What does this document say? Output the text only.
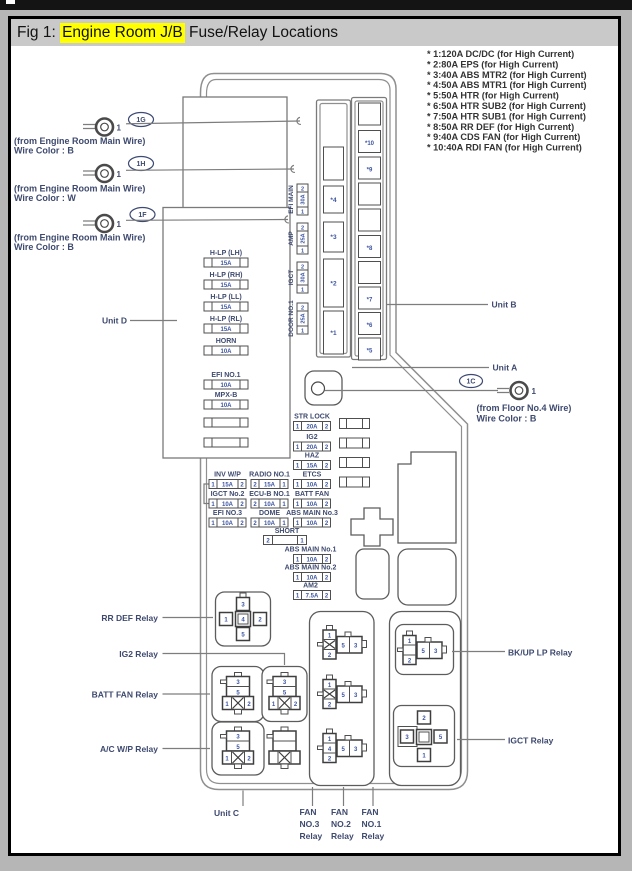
Fig 1: Engine Room J/B Fuse/Relay Locations
* 1:120A DC/DC (for High Current)
* 2:80A EPS (for High Current)
* 3:40A ABS MTR2 (for High Current)
* 4:50A ABS MTR1 (for High Current)
* 5:50A HTR (for High Current)
* 6:50A HTR SUB2 (for High Current)
* 7:50A HTR SUB1 (for High Current)
* 8:50A RR DEF (for High Current)
* 9:40A CDS FAN (for High Current)
* 10:40A RDI FAN (for High Current)
1G
1
(from Engine Room Main Wire)
Wire Color : B
1H
1
(from Engine Room Main Wire)
Wire Color : W
1F
1
(from Engine Room Main Wire)
Wire Color : B
Unit D
H-LP (LH)
15A
H-LP (RH)
15A
H-LP (LL)
15A
H-LP (RL)
15A
HORN
10A
EFI NO.1
10A
MPX-B
10A
EFI MAIN 2
30A
1
AMP
2
25A
1
IGCT
2
30A
1
DOOR NO.1 2
25A
1
*4
*3
*2
*1
*10
*9
*8
*7
*6
*5
Unit B
Unit A
1C
1
(from Floor No.4 Wire)
Wire Color : B
STR LOCK
1 20A 2
IG2
1 20A 2
HAZ
1 15A 2
ETCS
1 10A 2
BATT FAN
1 10A 2
ABS MAIN No.3
1 10A 2
INV W/P
1 15A 2
IGCT No.2
1 10A 2
EFI NO.3
1 10A 2
RADIO NO.1
2 15A 1
ECU-B NO.1
2 10A 1
DOME
2 10A 1
SHORT
2	1
ABS MAIN No.1
1 10A 2
ABS MAIN No.2
1 10A 2
AM2
1 7.5A 2
3
1 4 2
5
RR DEF Relay
IG2 Relay
3
5
1	2
BATT FAN Relay
3
5
1	2
3
5
1	2
A/C W/P Relay
1
2
5 3
1
2
5 3
1
4
2
5 3
1
2
5 3	BK/UP LP Relay
2
3	5
1
IGCT Relay
Unit C	FAN FAN FAN
NO.3 NO.2 NO.1
Relay Relay Relay
